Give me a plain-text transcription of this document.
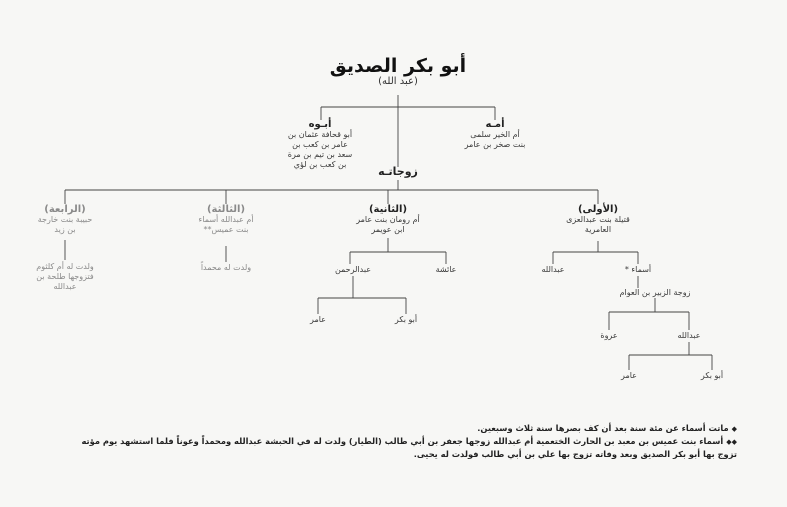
أبو بكر الصديق
(عبد الله)
أبـوه
أبو قحافة عثمان بن
عامر بن كعب بن
سعد بن تيم بن مرة
بن كعب بن لؤي
أمـه
أم الخير سلمى
بنت صخر بن عامر
زوجاتـه
(الأولى)
قتيلة بنت عبدالعزى
العامرية
(الثانية)
أم رومان بنت عامر
ابن عويمر
(الثالثة)
أم عبدالله أسماء
بنت عميس**
(الرابعة)
حبيبة بنت خارجة
بن زيد
أسماء *
عبدالله
زوجة الزبير بن العوام
عبدالله
عروة
أبو بكر
عامر
عائشة
عبدالرحمن
أبو بكر
عامر
ولدت له محمداً
ولدت له أم كلثوم
فتزوجها طلحة بن
عبدالله
◆ماتت أسماء عن مئة سنة بعد أن كف بصرها سنة ثلاث وسبعين.
◆◆أسماء بنت عميس بن معبد بن الحارث الختعمية أم عبدالله زوجها جعفر بن أبي طالب (الطيار) ولدت له في الحبشة عبدالله ومحمداً وعوناً فلما استشهد يوم مؤته
تزوج بها أبو بكر الصديق وبعد وفاته تزوج بها علي بن أبي طالب فولدت له يحيى.
